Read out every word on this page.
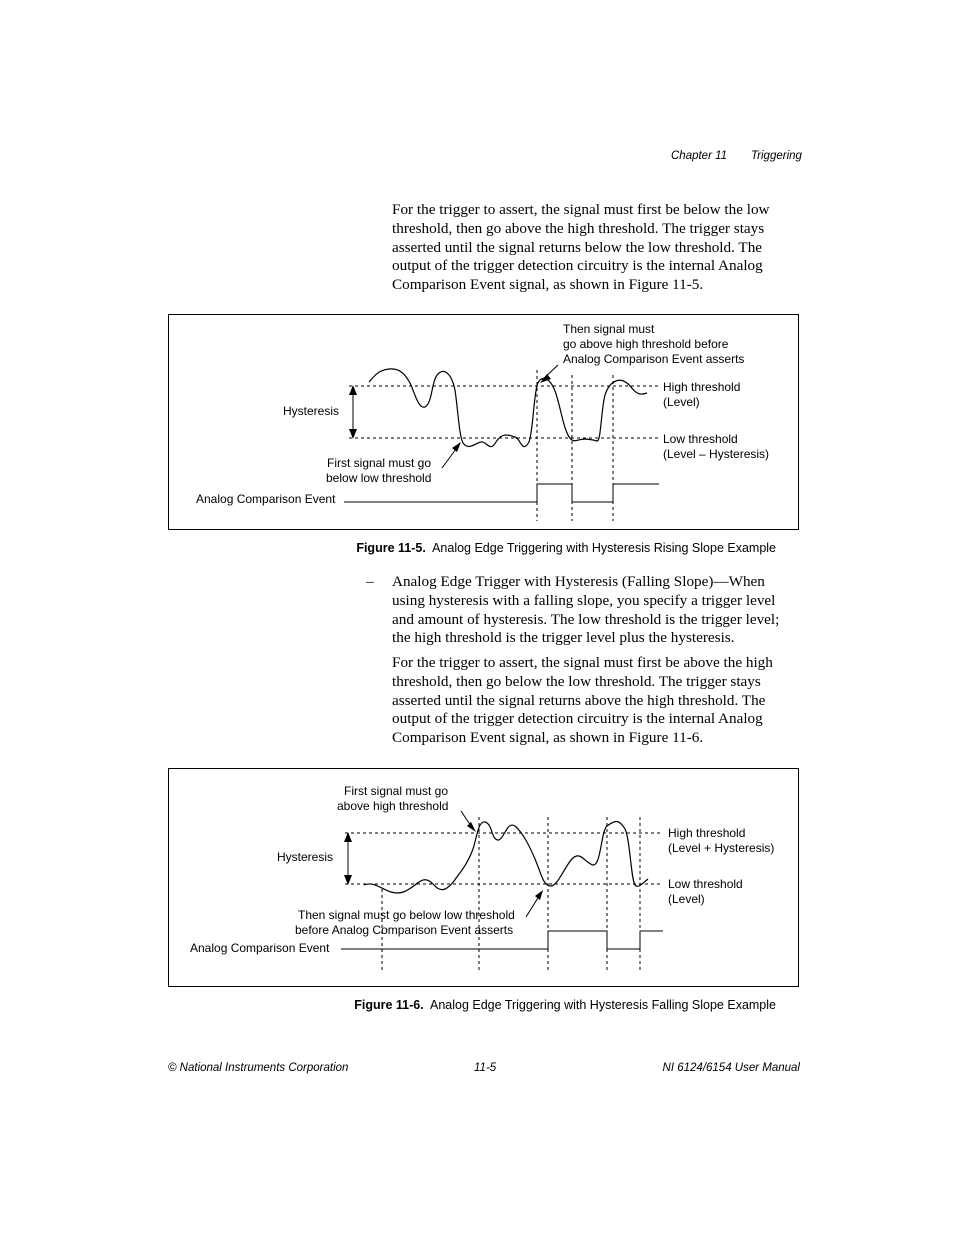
Chapter 11 Triggering

For the trigger to assert, the signal must first be below the low threshold, then go above the high threshold. The trigger stays asserted until the signal returns below the low threshold. The output of the trigger detection circuitry is the internal Analog Comparison Event signal, as shown in Figure 11-5.

Then signal must
go above high threshold before
Analog Comparison Event asserts
Hysteresis
High threshold
(Level)
Low threshold
(Level – Hysteresis)
First signal must go
below low threshold
Analog Comparison Event
Figure 11-5. Analog Edge Triggering with Hysteresis Rising Slope Example
– Analog Edge Trigger with Hysteresis (Falling Slope)—When using hysteresis with a falling slope, you specify a trigger level and amount of hysteresis. The low threshold is the trigger level; the high threshold is the trigger level plus the hysteresis.

For the trigger to assert, the signal must first be above the high threshold, then go below the low threshold. The trigger stays asserted until the signal returns above the high threshold. The output of the trigger detection circuitry is the internal Analog Comparison Event signal, as shown in Figure 11-6.

First signal must go
above high threshold
Hysteresis
High threshold
(Level + Hysteresis)
Low threshold
(Level)
Then signal must go below low threshold
before Analog Comparison Event asserts
Analog Comparison Event
Figure 11-6. Analog Edge Triggering with Hysteresis Falling Slope Example
© National Instruments Corporation	11-5	NI 6124/6154 User Manual
